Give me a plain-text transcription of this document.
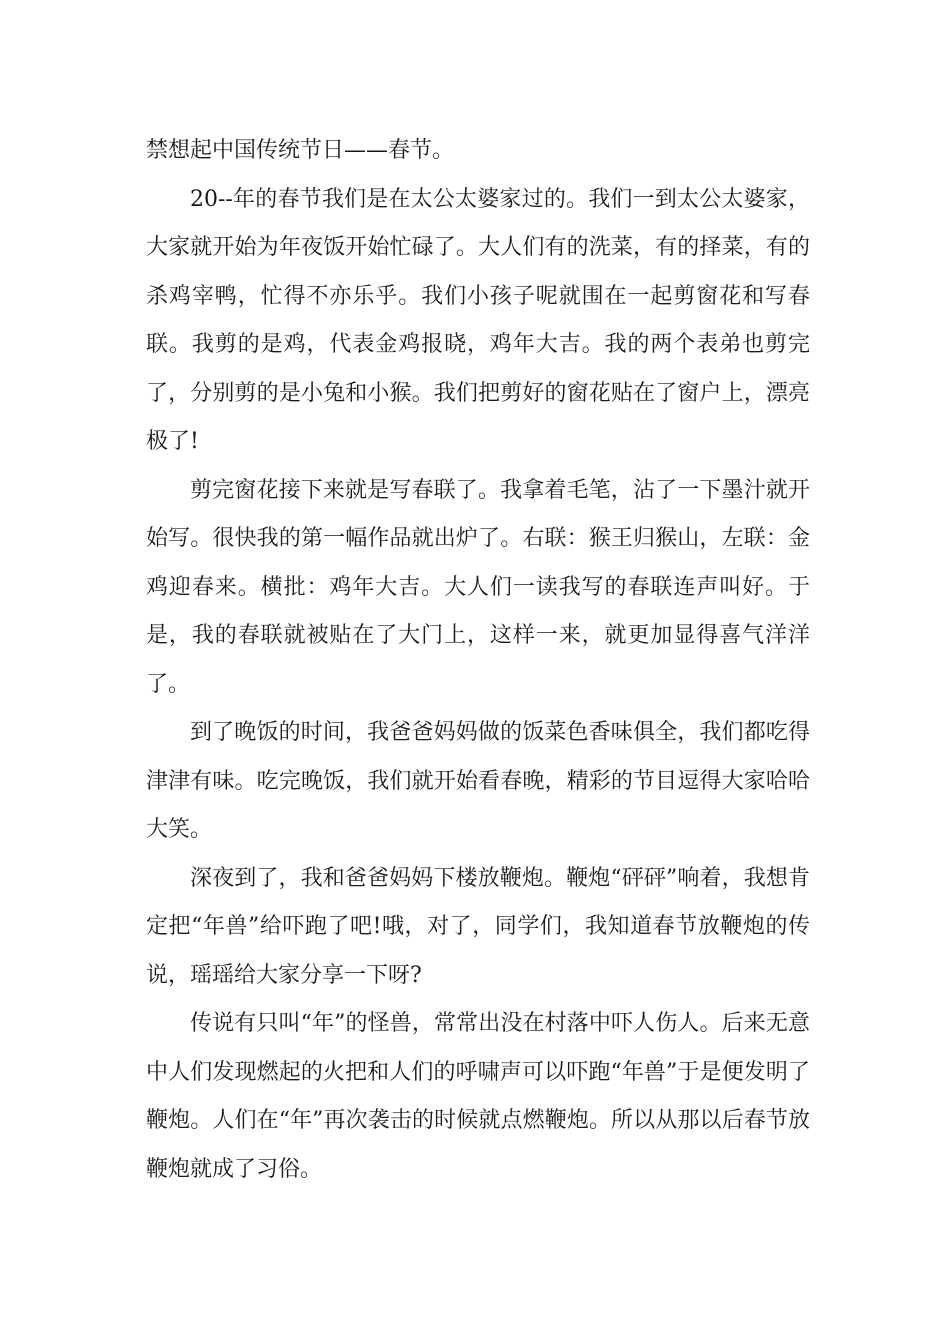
禁想起中国传统节日——春节。

20--年的春节我们是在太公太婆家过的。我们一到太公太婆家，大家就开始为年夜饭开始忙碌了。大人们有的洗菜，有的择菜，有的杀鸡宰鸭，忙得不亦乐乎。我们小孩子呢就围在一起剪窗花和写春联。我剪的是鸡，代表金鸡报晓，鸡年大吉。我的两个表弟也剪完了，分别剪的是小兔和小猴。我们把剪好的窗花贴在了窗户上，漂亮极了!

剪完窗花接下来就是写春联了。我拿着毛笔，沾了一下墨汁就开始写。很快我的第一幅作品就出炉了。右联：猴王归猴山，左联：金鸡迎春来。横批：鸡年大吉。大人们一读我写的春联连声叫好。于是，我的春联就被贴在了大门上，这样一来，就更加显得喜气洋洋了。

到了晚饭的时间，我爸爸妈妈做的饭菜色香味俱全，我们都吃得津津有味。吃完晚饭，我们就开始看春晚，精彩的节目逗得大家哈哈大笑。

深夜到了，我和爸爸妈妈下楼放鞭炮。鞭炮“砰砰”响着，我想肯定把“年兽”给吓跑了吧!哦，对了，同学们，我知道春节放鞭炮的传说，瑶瑶给大家分享一下呀?

传说有只叫“年”的怪兽，常常出没在村落中吓人伤人。后来无意中人们发现燃起的火把和人们的呼啸声可以吓跑“年兽”于是便发明了鞭炮。人们在“年”再次袭击的时候就点燃鞭炮。所以从那以后春节放鞭炮就成了习俗。
